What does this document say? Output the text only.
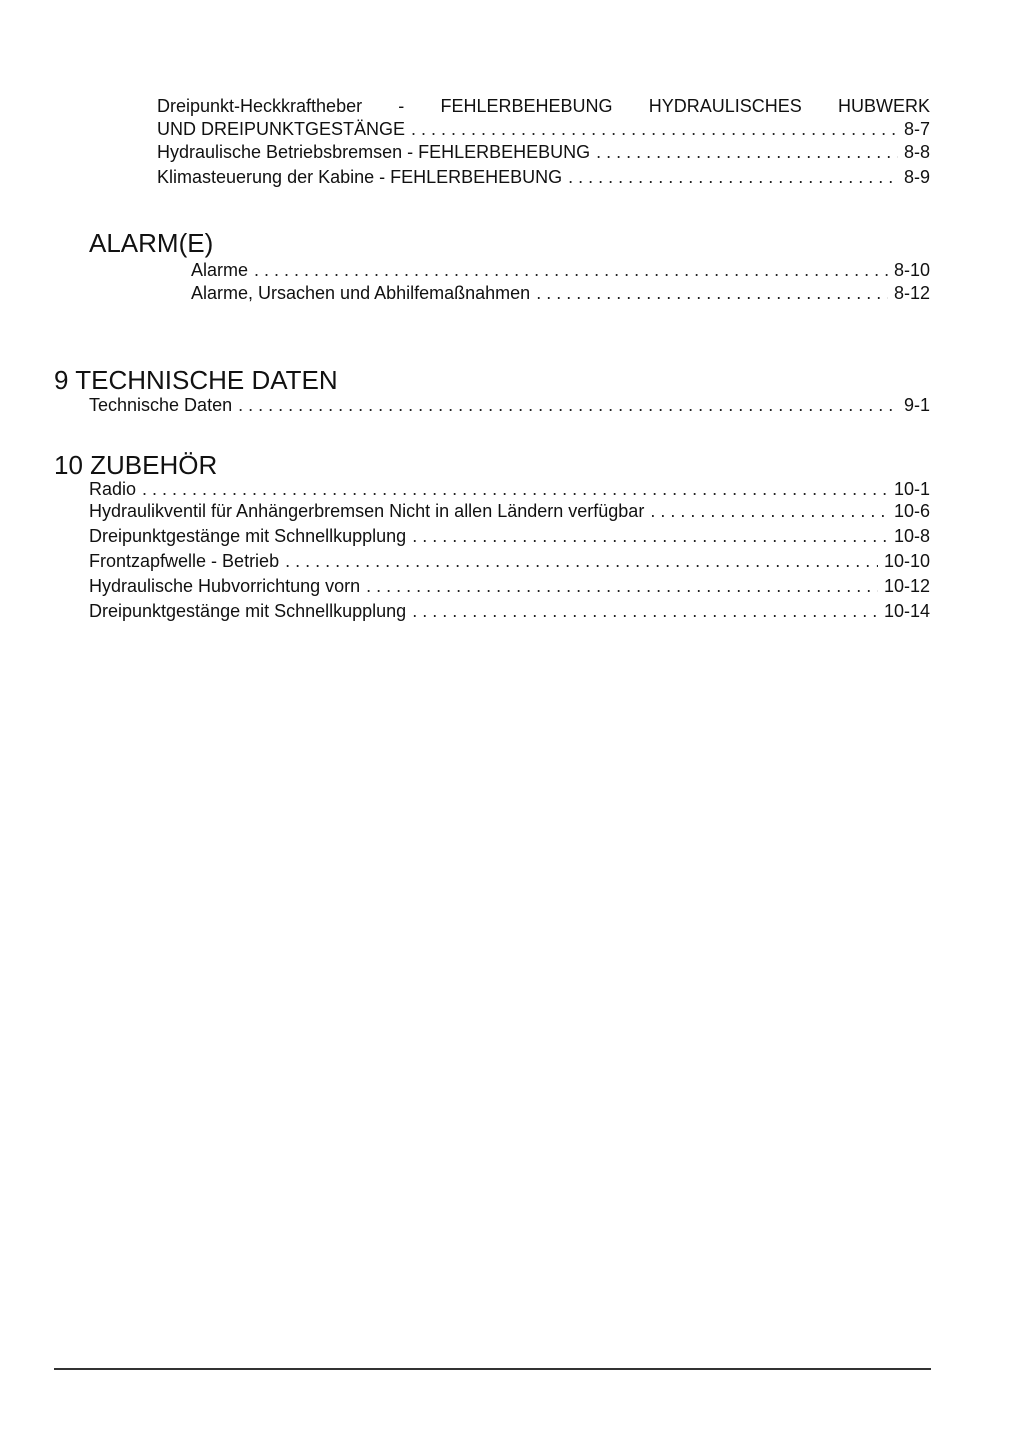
Dreipunkt-Heckkraftheber - FEHLERBEHEBUNG HYDRAULISCHES HUBWERK
UND DREIPUNKTGESTÄNGE . . .	8-7
Hydraulische Betriebsbremsen - FEHLERBEHEBUNG . . .	8-8
Klimasteuerung der Kabine - FEHLERBEHEBUNG . . .	8-9
ALARM(E)
Alarme . . .	8-10
Alarme, Ursachen und Abhilfemaßnahmen . . .	8-12
9 TECHNISCHE DATEN
Technische Daten . . .	9-1
10 ZUBEHÖR
Radio . . .	10-1
Hydraulikventil für Anhängerbremsen Nicht in allen Ländern verfügbar . . .	10-6
Dreipunktgestänge mit Schnellkupplung . . .	10-8
Frontzapfwelle - Betrieb . . .	10-10
Hydraulische Hubvorrichtung vorn . . .	10-12
Dreipunktgestänge mit Schnellkupplung . . .	10-14
